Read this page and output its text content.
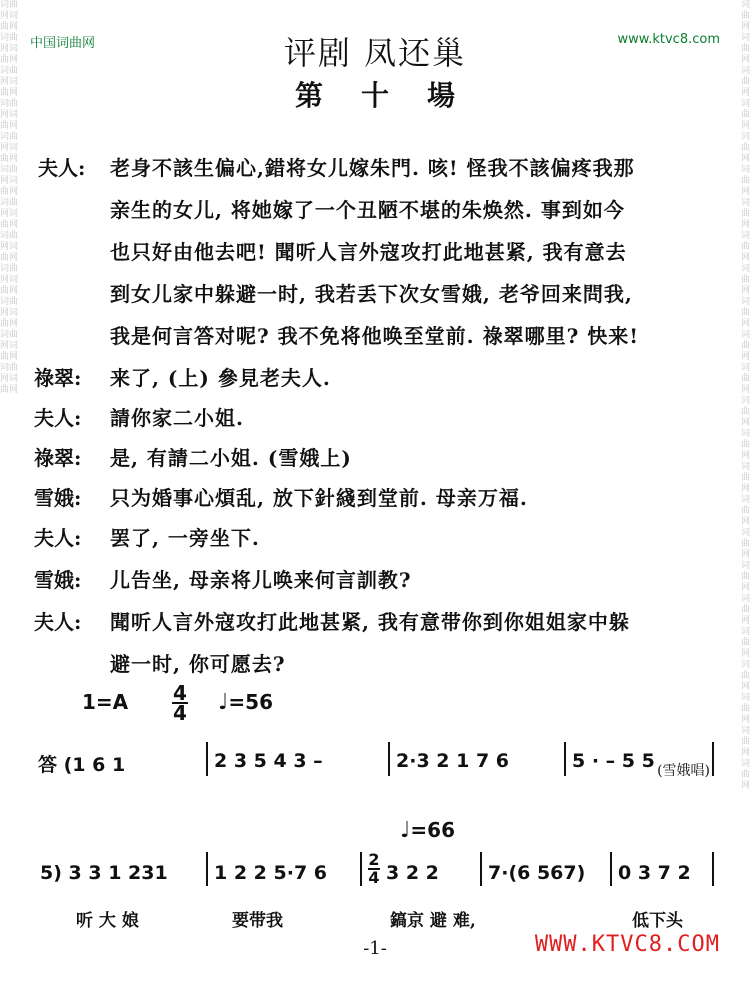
词曲网词曲网词曲网词曲网词曲网词曲网词曲网词曲网词曲网词曲网词曲网词曲网词曲网词曲网词曲网词曲网词曲网词曲网词曲网词曲网词曲网词曲网词曲网词曲网
词曲网词曲网词曲网词曲网词曲网词曲网词曲网词曲网词曲网词曲网词曲网词曲网词曲网词曲网词曲网词曲网词曲网词曲网词曲网词曲网词曲网词曲网词曲网词曲网
中国词曲网	www.ktvc8.com
评剧 凤还巢
第十場
夫人: 老身不該生偏心,錯将女儿嫁朱門. 咳! 怪我不該偏疼我那
亲生的女儿, 将她嫁了一个丑陋不堪的朱焕然. 事到如今
也只好由他去吧! 聞听人言外寇攻打此地甚紧, 我有意去
到女儿家中躲避一时, 我若丢下次女雪娥, 老爷回来問我,
我是何言答对呢? 我不免将他唤至堂前. 祿翠哪里? 快来!
祿翠: 来了, (上) 參見老夫人.
夫人: 請你家二小姐.
祿翠: 是, 有請二小姐. (雪娥上)
雪娥: 只为婚事心煩乱, 放下針綫到堂前. 母亲万福.
夫人: 罢了, 一旁坐下.
雪娥: 儿告坐, 母亲将儿唤来何言訓教?
夫人: 聞听人言外寇攻打此地甚紧, 我有意带你到你姐姐家中躲
避一时, 你可愿去?
1=A 4
4 ♩=56
答 (1 6 1	2 3 5 4 3 –	2·3 2 1 7 6	5 · – 5 5 (雪娥唱)
♩=66
5) 3 3 1 231 1 2 2 5·7 6
2
4 3 2 2	7·(6 567) 0 3 7 2
听 大 娘	要带我	鎬京 避 难,	低下头
-1-	WWW.KTVC8.COM
